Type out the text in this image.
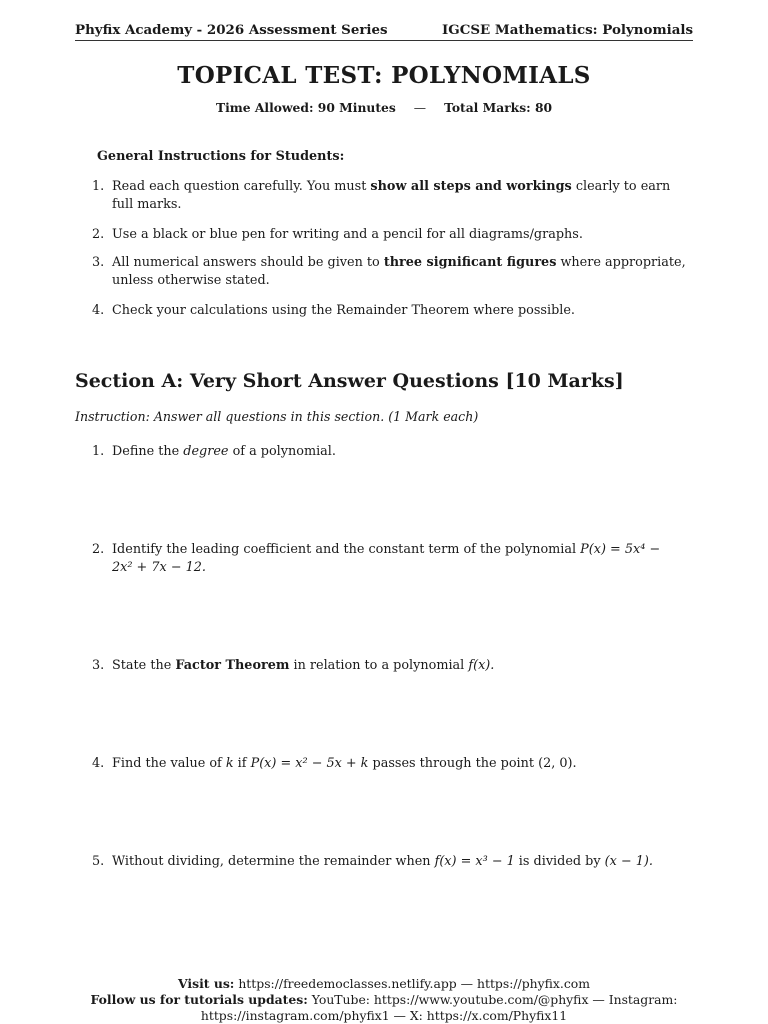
Phyfix Academy - 2026 Assessment Series	IGCSE Mathematics: Polynomials
TOPICAL TEST: POLYNOMIALS
Time Allowed: 90 Minutes — Total Marks: 80
General Instructions for Students:
1. Read each question carefully. You must show all steps and workings clearly to earn
full marks.
2. Use a black or blue pen for writing and a pencil for all diagrams/graphs.
3. All numerical answers should be given to three significant figures where appropriate,
unless otherwise stated.
4. Check your calculations using the Remainder Theorem where possible.
Section A: Very Short Answer Questions [10 Marks]
Instruction: Answer all questions in this section. (1 Mark each)
1. Define the degree of a polynomial.
2. Identify the leading coefficient and the constant term of the polynomial P(x) = 5x⁴ −
2x² + 7x − 12.
3. State the Factor Theorem in relation to a polynomial f(x).
4. Find the value of k if P(x) = x² − 5x + k passes through the point (2, 0).
5. Without dividing, determine the remainder when f(x) = x³ − 1 is divided by (x − 1).
Visit us: https://freedemoclasses.netlify.app — https://phyfix.com
Follow us for tutorials updates: YouTube: https://www.youtube.com/@phyfix — Instagram:
https://instagram.com/phyfix1 — X: https://x.com/Phyfix11
